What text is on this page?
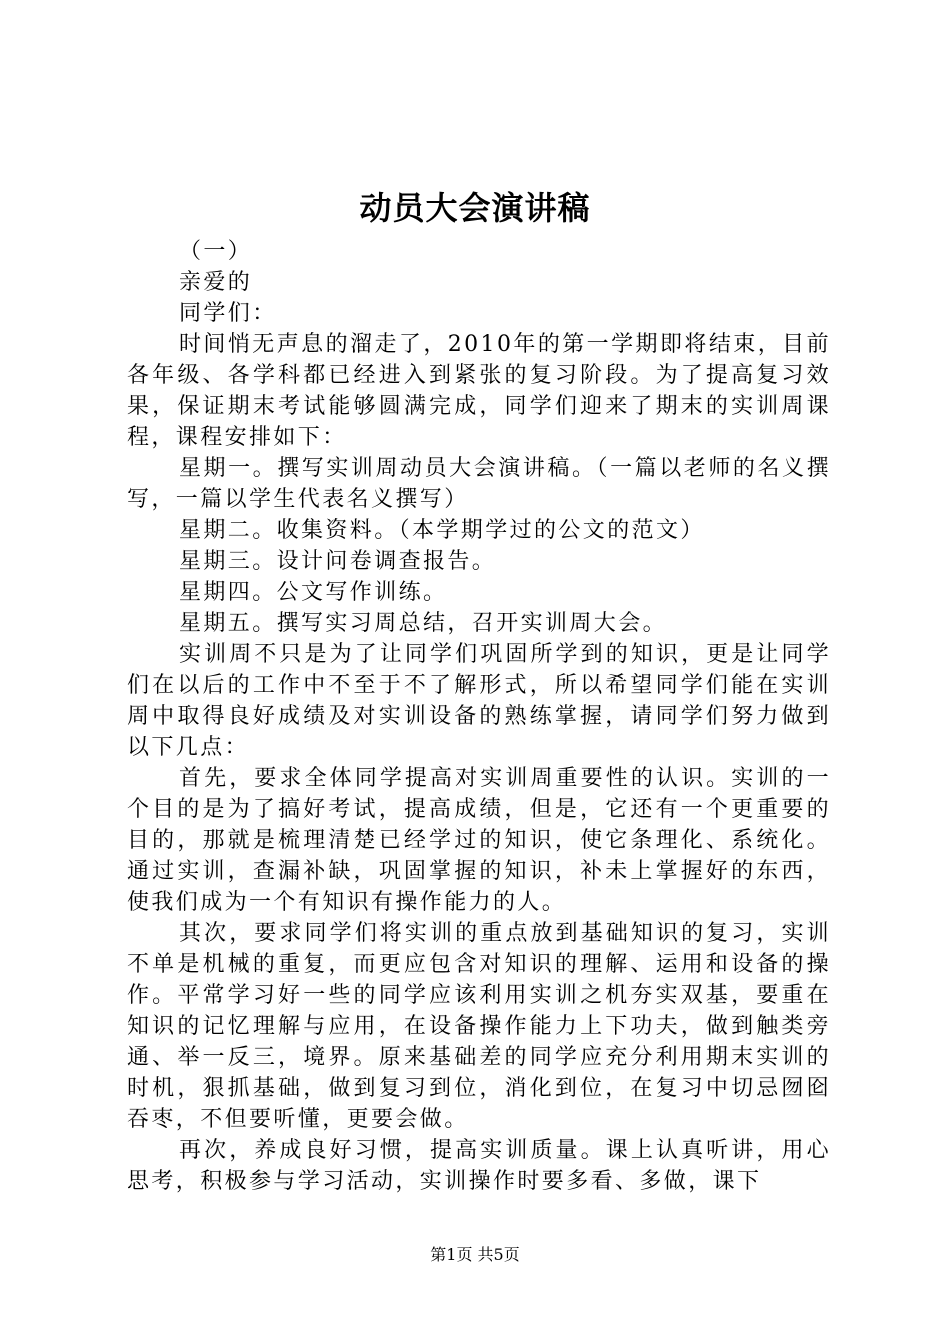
动员大会演讲稿

（一）

亲爱的

同学们：

时间悄无声息的溜走了，2010年的第一学期即将结束，目前各年级、各学科都已经进入到紧张的复习阶段。为了提高复习效果，保证期末考试能够圆满完成，同学们迎来了期末的实训周课程，课程安排如下：

星期一。撰写实训周动员大会演讲稿。（一篇以老师的名义撰写，一篇以学生代表名义撰写）

星期二。收集资料。（本学期学过的公文的范文）

星期三。设计问卷调查报告。

星期四。公文写作训练。

星期五。撰写实习周总结，召开实训周大会。

实训周不只是为了让同学们巩固所学到的知识，更是让同学们在以后的工作中不至于不了解形式，所以希望同学们能在实训周中取得良好成绩及对实训设备的熟练掌握，请同学们努力做到以下几点：

首先，要求全体同学提高对实训周重要性的认识。实训的一个目的是为了搞好考试，提高成绩，但是，它还有一个更重要的目的，那就是梳理清楚已经学过的知识，使它条理化、系统化。通过实训，查漏补缺，巩固掌握的知识，补未上掌握好的东西，使我们成为一个有知识有操作能力的人。

其次，要求同学们将实训的重点放到基础知识的复习，实训不单是机械的重复，而更应包含对知识的理解、运用和设备的操作。平常学习好一些的同学应该利用实训之机夯实双基，要重在知识的记忆理解与应用，在设备操作能力上下功夫，做到触类旁通、举一反三，境界。原来基础差的同学应充分利用期末实训的时机，狠抓基础，做到复习到位，消化到位，在复习中切忌囫囵吞枣，不但要听懂，更要会做。

再次，养成良好习惯，提高实训质量。课上认真听讲，用心思考，积极参与学习活动，实训操作时要多看、多做，课下

第1页 共5页
